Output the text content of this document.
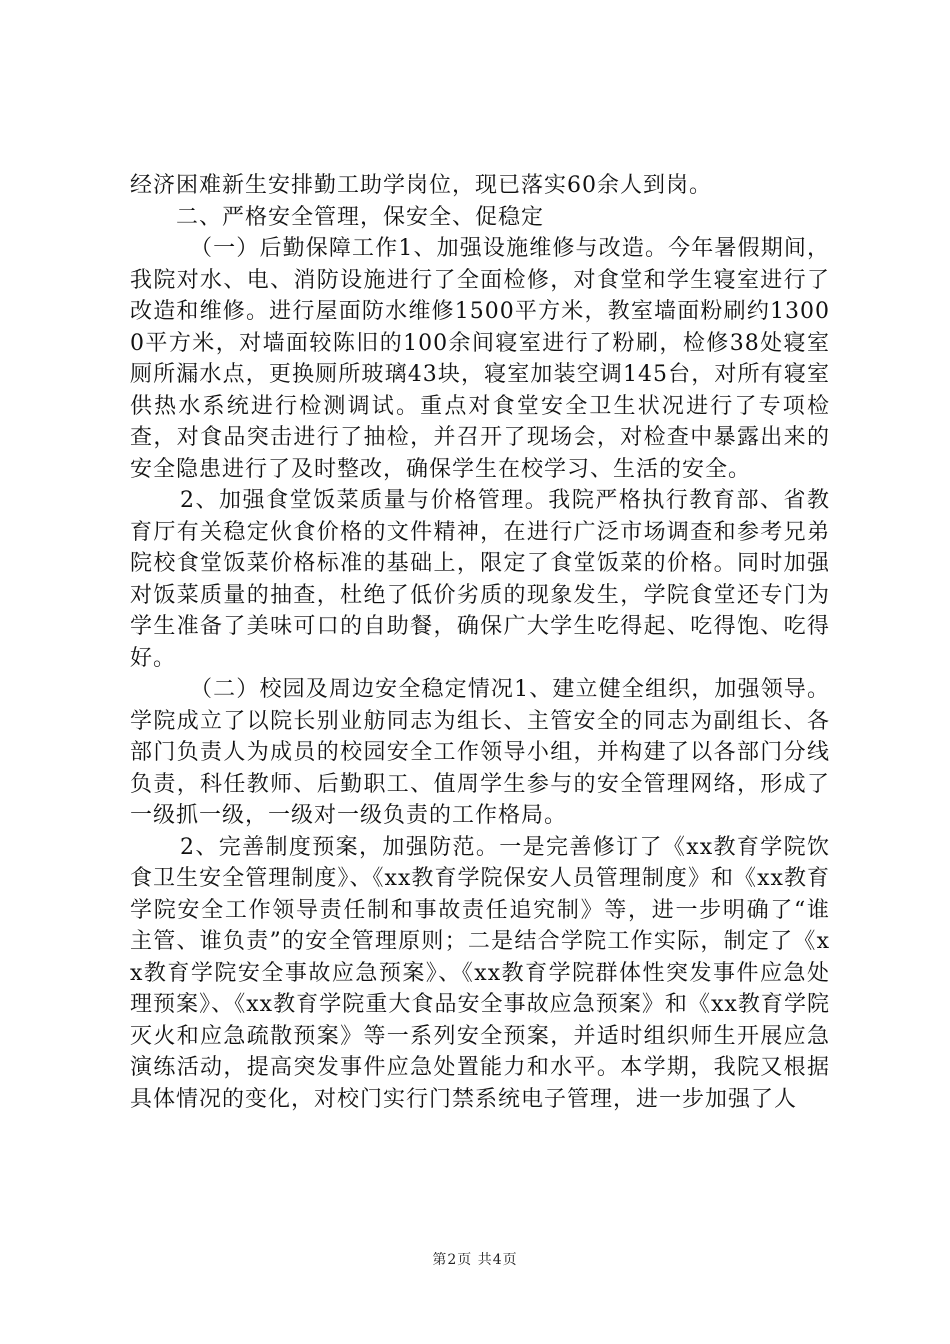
经济困难新生安排勤工助学岗位，现已落实60余人到岗。

二、严格安全管理，保安全、促稳定

（一）后勤保障工作1、加强设施维修与改造。今年暑假期间，我院对水、电、消防设施进行了全面检修，对食堂和学生寝室进行了改造和维修。进行屋面防水维修1500平方米，教室墙面粉刷约13000平方米，对墙面较陈旧的100余间寝室进行了粉刷，检修38处寝室厕所漏水点，更换厕所玻璃43块，寝室加装空调145台，对所有寝室供热水系统进行检测调试。重点对食堂安全卫生状况进行了专项检查，对食品突击进行了抽检，并召开了现场会，对检查中暴露出来的安全隐患进行了及时整改，确保学生在校学习、生活的安全。

2、加强食堂饭菜质量与价格管理。我院严格执行教育部、省教育厅有关稳定伙食价格的文件精神，在进行广泛市场调查和参考兄弟院校食堂饭菜价格标准的基础上，限定了食堂饭菜的价格。同时加强对饭菜质量的抽查，杜绝了低价劣质的现象发生，学院食堂还专门为学生准备了美味可口的自助餐，确保广大学生吃得起、吃得饱、吃得好。

（二）校园及周边安全稳定情况1、建立健全组织，加强领导。学院成立了以院长别业舫同志为组长、主管安全的同志为副组长、各部门负责人为成员的校园安全工作领导小组，并构建了以各部门分线负责，科任教师、后勤职工、值周学生参与的安全管理网络，形成了一级抓一级，一级对一级负责的工作格局。

2、完善制度预案，加强防范。一是完善修订了《xx教育学院饮食卫生安全管理制度》、《xx教育学院保安人员管理制度》和《xx教育学院安全工作领导责任制和事故责任追究制》等，进一步明确了“谁主管、谁负责”的安全管理原则；二是结合学院工作实际，制定了《xx教育学院安全事故应急预案》、《xx教育学院群体性突发事件应急处理预案》、《xx教育学院重大食品安全事故应急预案》和《xx教育学院灭火和应急疏散预案》等一系列安全预案，并适时组织师生开展应急演练活动，提高突发事件应急处置能力和水平。本学期，我院又根据具体情况的变化，对校门实行门禁系统电子管理，进一步加强了人

第2页 共4页
